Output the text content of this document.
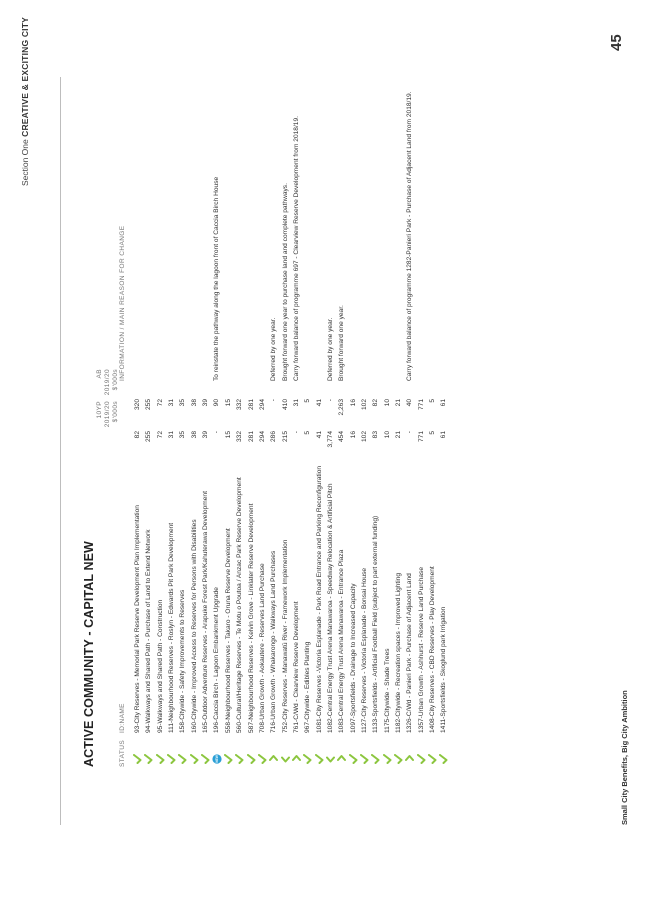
Section One CREATIVE & EXCITING CITY
ACTIVE COMMUNITY - CAPITAL NEW	STATUS
ID:NAME
10YP 2019/20 $'000s
AB 2019/20 $'000s INFORMATION / MAIN REASON FOR CHANGE
93-City Reserves - Memorial Park Reserve Development Plan Implementation
82
320
94-Walkways and Shared Path - Purchase of Land to Extend Network
255
255
95-Walkways and Shared Path - Construction
72
72
111-Neighbourhood Reserves - Roslyn - Edwards Pit Park Development
31
31
158-Citywide - Safety Improvements to Reserves
35
35
160-Citywide - Improved Access to Reserves for Persons with Disabilities
38
38
165-Outdoor Adventure Reserves - Arapuke Forest Park/Kahuterawa Development
39
39
NEW
196-Caccia Birch - Lagoon Embankment Upgrade
-
90
To reinstate the pathway along the lagoon front of Caccia Birch House
558-Neighbourhood Reserves - Takaro - Oruna Reserve Development
15
15
560-Cultural/Heritage Reserves - Te Motu o Poutoa / Anzac Park Reserve Development
332
332
587-Neighbourhood Reserves - Kelvin Grove - Linklater Reserve Development
281
281
708-Urban Growth - Aokautere - Reserves Land Purchase
294
294
716-Urban Growth - Whakarongo - Walkways Land Purchases
286
-
Deferred by one year.
752-City Reserves - Manawatū River - Framework Implementation
215
410
Brought forward one year to purchase land and complete pathways.
761-C/Wd - Clearview Reserve Development
-
31
Carry forward balance of programme 697 - Clearview Reserve Development from 2018/19.
967-Citywide - Edibles Planting
5
5
1081-City Reserves -Victoria Esplanade - Park Road Entrance and Parking Reconfiguration
41
41
1082-Central Energy Trust Arena Manawaroa - Speedway Relocation & Artificial Pitch
3,774
-
Deferred by one year.
1083-Central Energy Trust Arena Manawaroa - Entrance Plaza
454
2,263
Brought forward one year.
1097-Sportsfields - Drainage to Increased Capacity
16
16
1127-City Reserves - Victoria Esplanade - Bonsai House
102
102
1133-Sportsfields - Artificial Football Field (subject to part external funding)
83
82
1175-Citywide - Shade Trees
10
10
1182-Citywide - Recreation spaces - Improved Lighting
21
21
1326-C/Wd - Panieri Park - Purchase of Adjacent Land
-
40
Carry forward balance of programme 1282-Panieri Park - Purchase of Adjacent Land from 2018/19.
1357-Urban Growth - Ashhurst - Reserve Land Purchase
771
771
1408-City Reserves - CBD Reserves - Play Development
5
5
1411-Sportsfields - Skoglund park Irrigation
61
61
Small City Benefits, Big City Ambition
45
